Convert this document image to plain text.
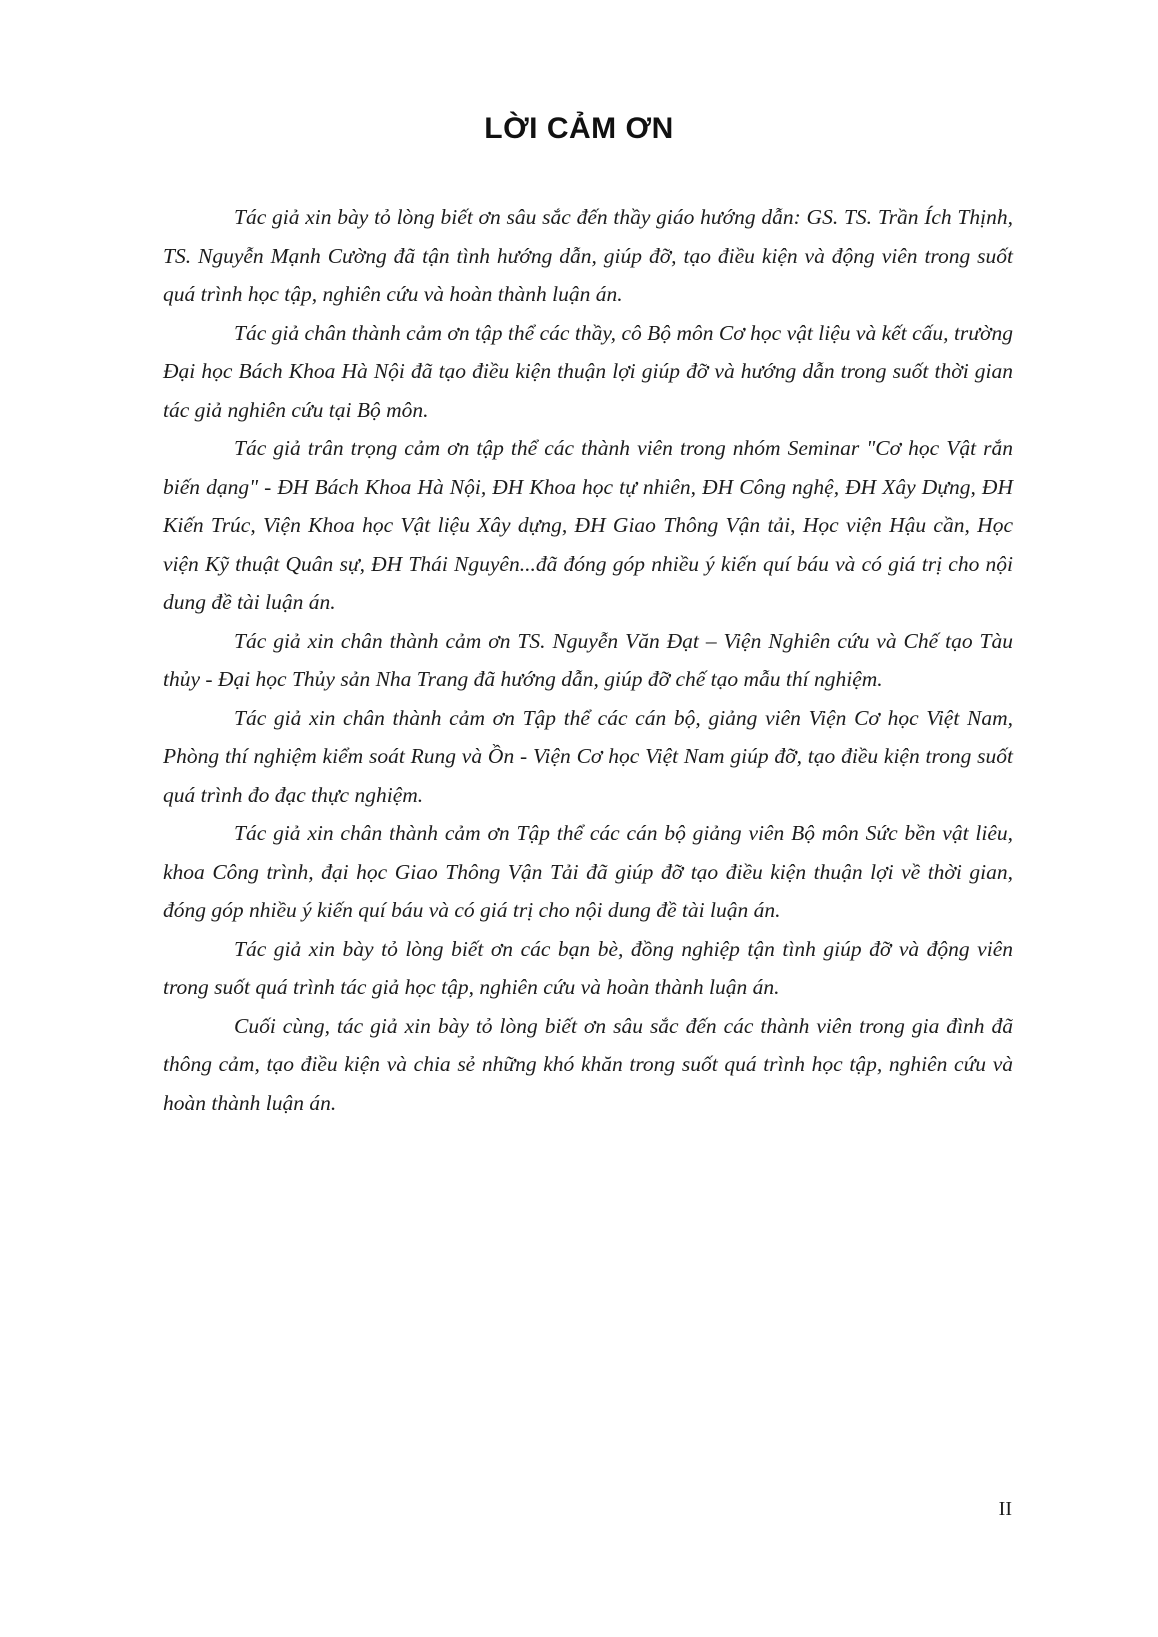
LỜI CẢM ƠN

Tác giả xin bày tỏ lòng biết ơn sâu sắc đến thầy giáo hướng dẫn: GS. TS. Trần Ích Thịnh, TS. Nguyễn Mạnh Cường đã tận tình hướng dẫn, giúp đỡ, tạo điều kiện và động viên trong suốt quá trình học tập, nghiên cứu và hoàn thành luận án.

Tác giả chân thành cảm ơn tập thể các thầy, cô Bộ môn Cơ học vật liệu và kết cấu, trường Đại học Bách Khoa Hà Nội đã tạo điều kiện thuận lợi giúp đỡ và hướng dẫn trong suốt thời gian tác giả nghiên cứu tại Bộ môn.

Tác giả trân trọng cảm ơn tập thể các thành viên trong nhóm Seminar "Cơ học Vật rắn biến dạng" - ĐH Bách Khoa Hà Nội, ĐH Khoa học tự nhiên, ĐH Công nghệ, ĐH Xây Dựng, ĐH Kiến Trúc, Viện Khoa học Vật liệu Xây dựng, ĐH Giao Thông Vận tải, Học viện Hậu cần, Học viện Kỹ thuật Quân sự, ĐH Thái Nguyên...đã đóng góp nhiều ý kiến quí báu và có giá trị cho nội dung đề tài luận án.

Tác giả xin chân thành cảm ơn TS. Nguyễn Văn Đạt – Viện Nghiên cứu và Chế tạo Tàu thủy - Đại học Thủy sản Nha Trang đã hướng dẫn, giúp đỡ chế tạo mẫu thí nghiệm.

Tác giả xin chân thành cảm ơn Tập thể các cán bộ, giảng viên Viện Cơ học Việt Nam, Phòng thí nghiệm kiểm soát Rung và Ồn - Viện Cơ học Việt Nam giúp đỡ, tạo điều kiện trong suốt quá trình đo đạc thực nghiệm.

Tác giả xin chân thành cảm ơn Tập thể các cán bộ giảng viên Bộ môn Sức bền vật liêu, khoa Công trình, đại học Giao Thông Vận Tải đã giúp đỡ tạo điều kiện thuận lợi về thời gian, đóng góp nhiều ý kiến quí báu và có giá trị cho nội dung đề tài luận án.

Tác giả xin bày tỏ lòng biết ơn các bạn bè, đồng nghiệp tận tình giúp đỡ và động viên trong suốt quá trình tác giả học tập, nghiên cứu và hoàn thành luận án.

Cuối cùng, tác giả xin bày tỏ lòng biết ơn sâu sắc đến các thành viên trong gia đình đã thông cảm, tạo điều kiện và chia sẻ những khó khăn trong suốt quá trình học tập, nghiên cứu và hoàn thành luận án.

II
